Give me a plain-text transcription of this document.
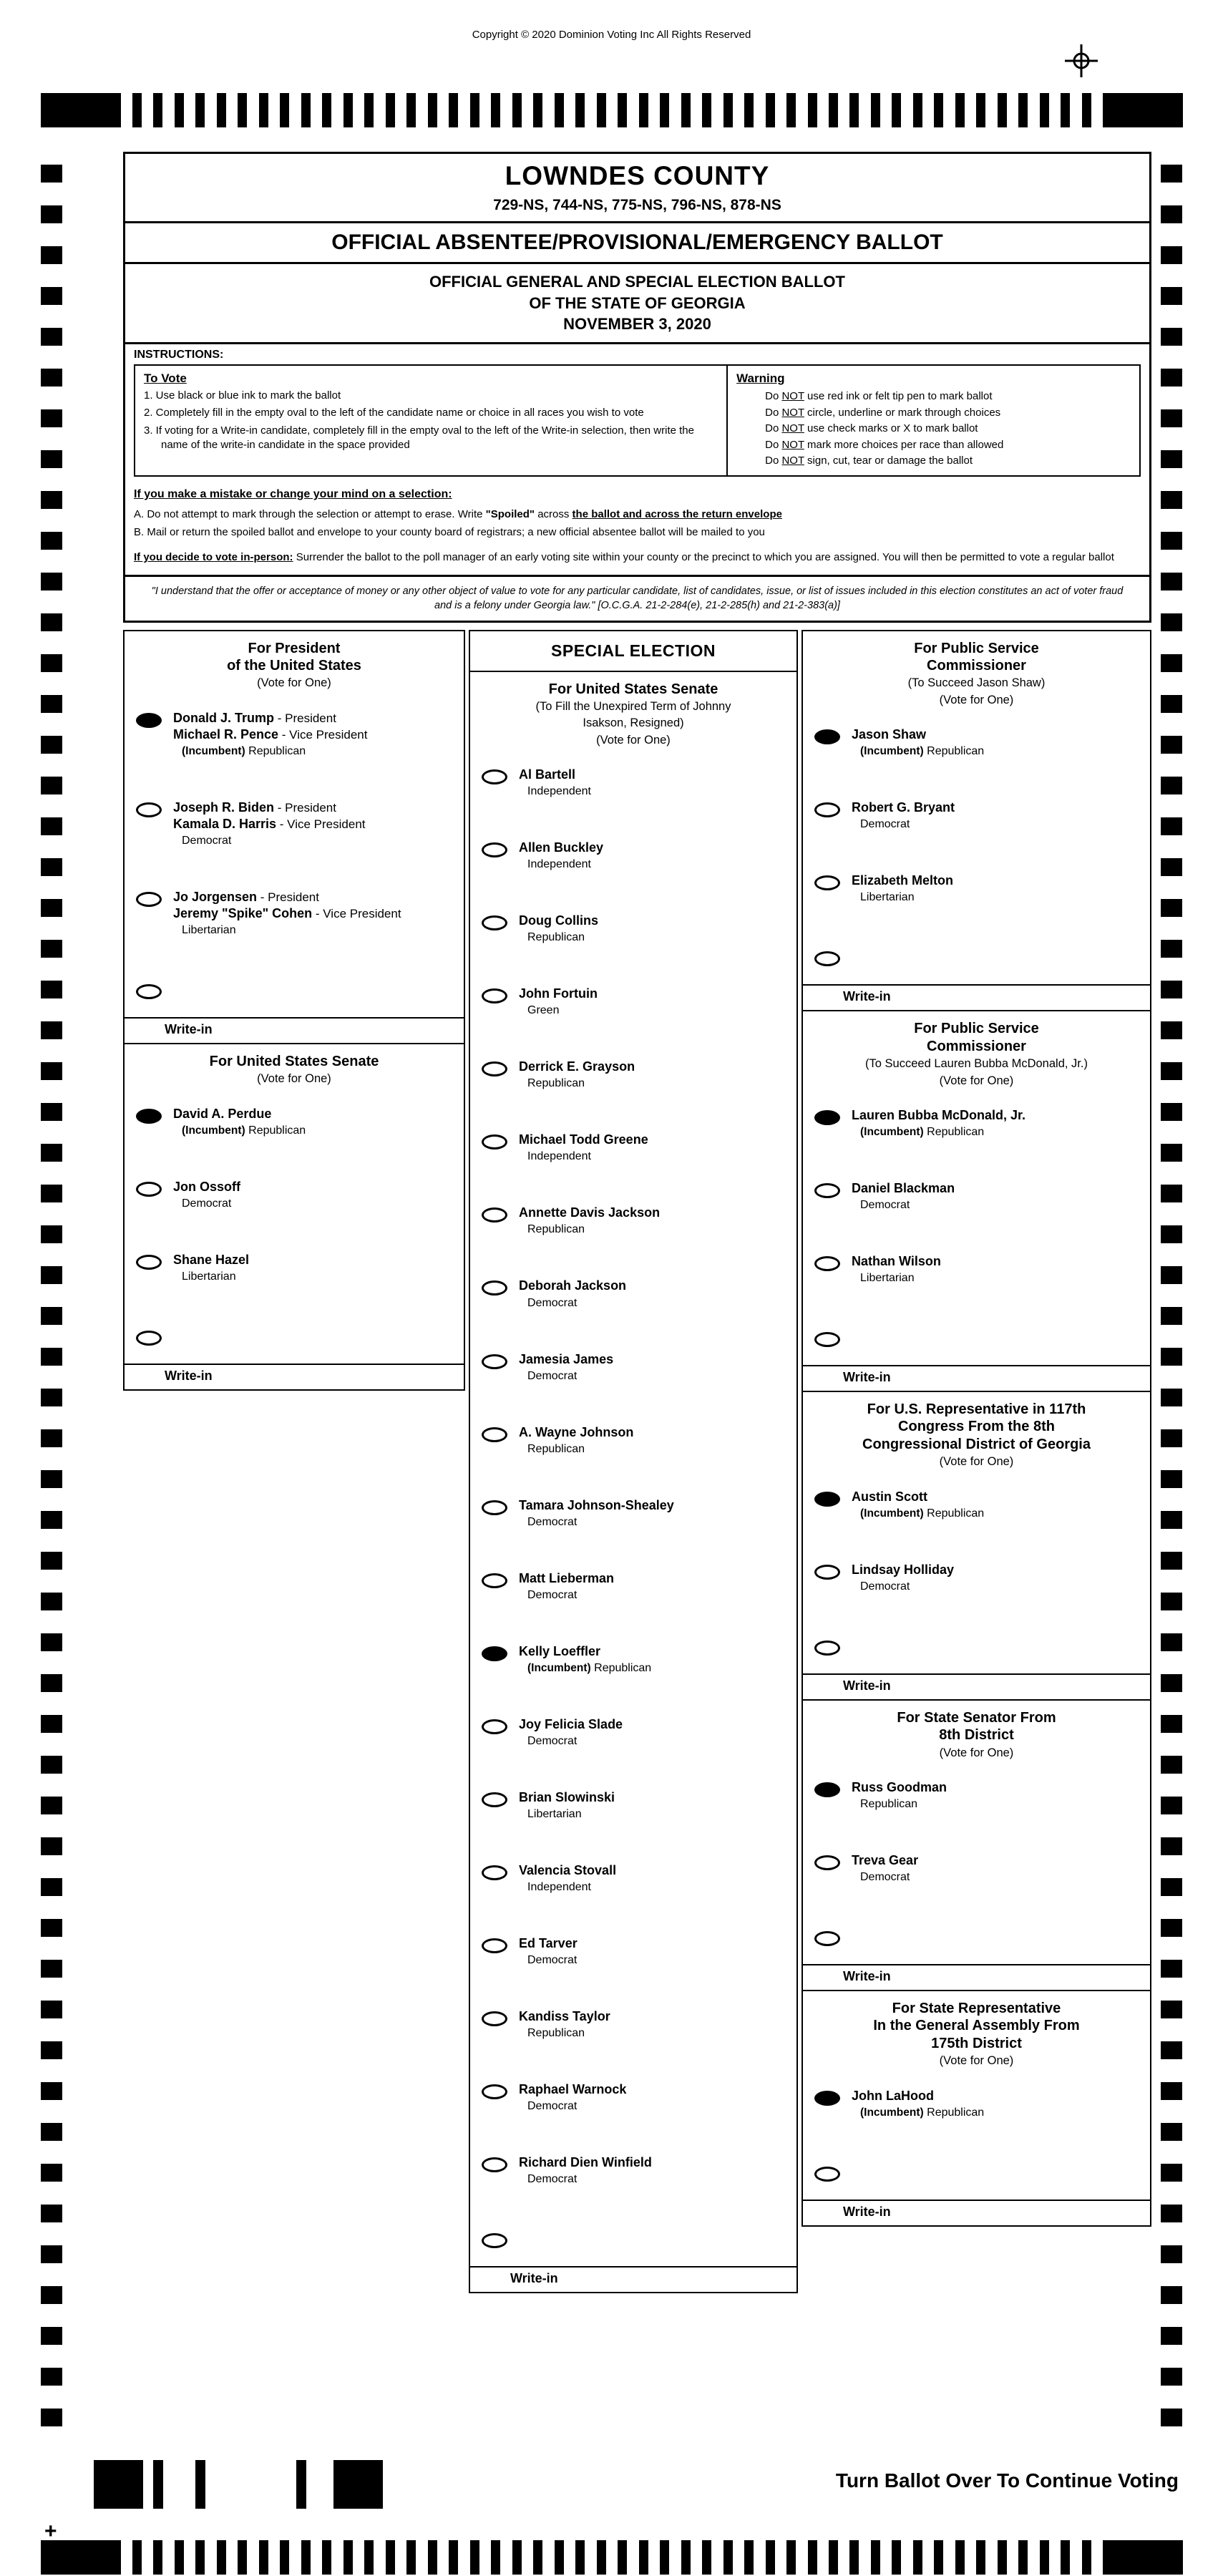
Copyright © 2020 Dominion Voting Inc All Rights Reserved
+
Turn Ballot Over To Continue Voting
LOWNDES COUNTY
729-NS, 744-NS, 775-NS, 796-NS, 878-NS
OFFICIAL ABSENTEE/PROVISIONAL/EMERGENCY BALLOT
OFFICIAL GENERAL AND SPECIAL ELECTION BALLOT
OF THE STATE OF GEORGIA
NOVEMBER 3, 2020
INSTRUCTIONS:
To Vote
1. Use black or blue ink to mark the ballot
2. Completely fill in the empty oval to the left of the candidate name or choice in all races you wish to vote
3. If voting for a Write-in candidate, completely fill in the empty oval to the left of the Write-in selection, then write the name of the write-in candidate in the space provided
Warning
Do NOT use red ink or felt tip pen to mark ballot
Do NOT circle, underline or mark through choices
Do NOT use check marks or X to mark ballot
Do NOT mark more choices per race than allowed
Do NOT sign, cut, tear or damage the ballot
If you make a mistake or change your mind on a selection:
A. Do not attempt to mark through the selection or attempt to erase. Write "Spoiled" across the ballot and across the return envelope
B. Mail or return the spoiled ballot and envelope to your county board of registrars; a new official absentee ballot will be mailed to you
If you decide to vote in-person: Surrender the ballot to the poll manager of an early voting site within your county or the precinct to which you are assigned. You will then be permitted to vote a regular ballot
"I understand that the offer or acceptance of money or any other object of value to vote for any particular candidate, list of candidates, issue, or list of issues included in this election constitutes an act of voter fraud and is a felony under Georgia law." [O.C.G.A. 21-2-284(e), 21-2-285(h) and 21-2-383(a)]
For President
of the United States
(Vote for One)
Donald J. Trump - President
Michael R. Pence - Vice President
(Incumbent) Republican
Joseph R. Biden - President
Kamala D. Harris - Vice President
Democrat
Jo Jorgensen - President
Jeremy "Spike" Cohen - Vice President
Libertarian
Write-in
For United States Senate
(Vote for One)
David A. Perdue
(Incumbent) Republican
Jon Ossoff
Democrat
Shane Hazel
Libertarian
Write-in
SPECIAL ELECTION
For United States Senate
(To Fill the Unexpired Term of Johnny
Isakson, Resigned)
(Vote for One)
Al Bartell
Independent
Allen Buckley
Independent
Doug Collins
Republican
John Fortuin
Green
Derrick E. Grayson
Republican
Michael Todd Greene
Independent
Annette Davis Jackson
Republican
Deborah Jackson
Democrat
Jamesia James
Democrat
A. Wayne Johnson
Republican
Tamara Johnson-Shealey
Democrat
Matt Lieberman
Democrat
Kelly Loeffler
(Incumbent) Republican
Joy Felicia Slade
Democrat
Brian Slowinski
Libertarian
Valencia Stovall
Independent
Ed Tarver
Democrat
Kandiss Taylor
Republican
Raphael Warnock
Democrat
Richard Dien Winfield
Democrat
Write-in
For Public Service
Commissioner
(To Succeed Jason Shaw)
(Vote for One)
Jason Shaw
(Incumbent) Republican
Robert G. Bryant
Democrat
Elizabeth Melton
Libertarian
Write-in
For Public Service
Commissioner
(To Succeed Lauren Bubba McDonald, Jr.)
(Vote for One)
Lauren Bubba McDonald, Jr.
(Incumbent) Republican
Daniel Blackman
Democrat
Nathan Wilson
Libertarian
Write-in
For U.S. Representative in 117th
Congress From the 8th
Congressional District of Georgia
(Vote for One)
Austin Scott
(Incumbent) Republican
Lindsay Holliday
Democrat
Write-in
For State Senator From
8th District
(Vote for One)
Russ Goodman
Republican
Treva Gear
Democrat
Write-in
For State Representative
In the General Assembly From
175th District
(Vote for One)
John LaHood
(Incumbent) Republican
Write-in
